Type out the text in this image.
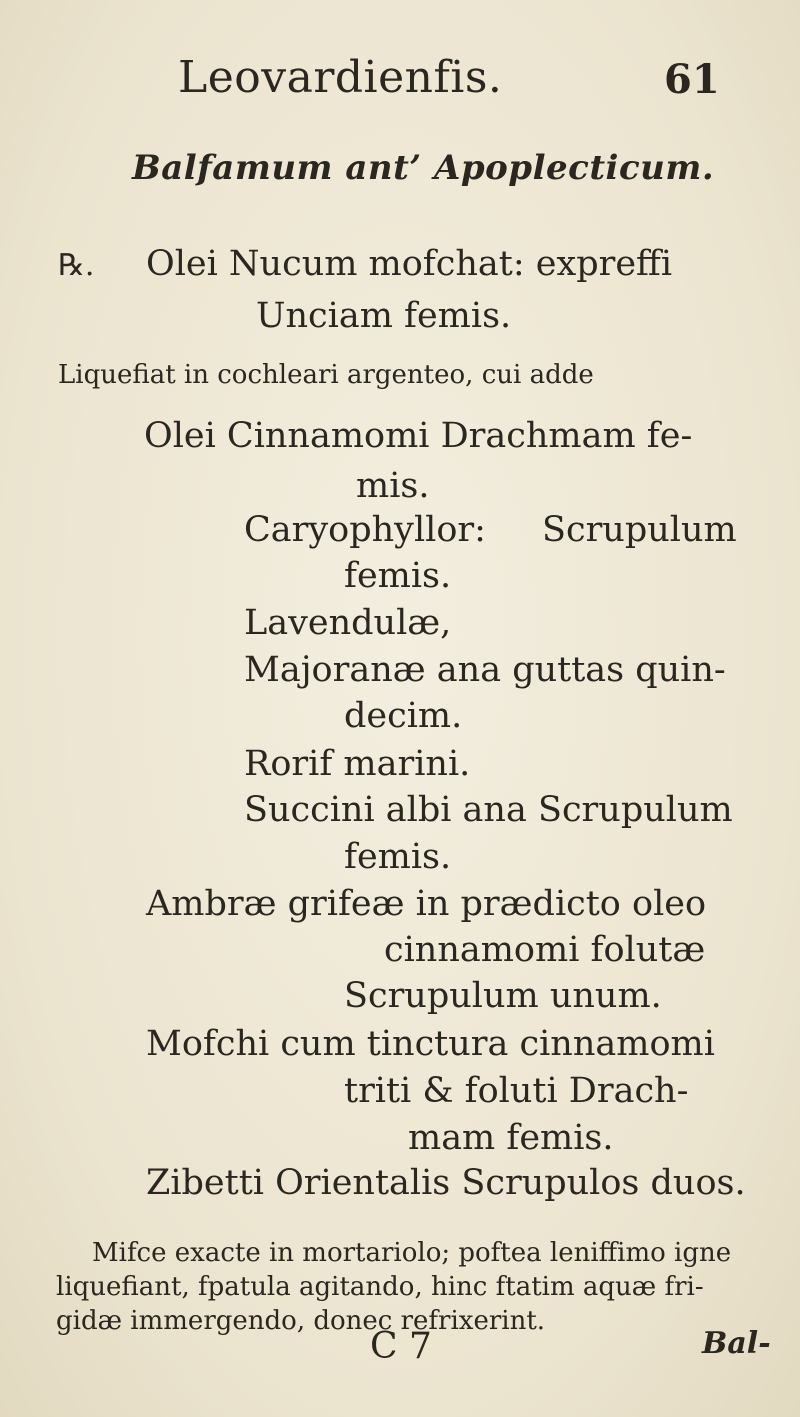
Leovardienfis.	61
Balfamum ant’ Apoplecticum.
℞. Olei Nucum mofchat: expreffi
Unciam femis.
Liquefiat in cochleari argenteo, cui adde
Olei Cinnamomi Drachmam fe-
mis.
Caryophyllor: Scrupulum
femis.
Lavendulæ,
Majoranæ ana guttas quin-
decim.
Rorif marini.
Succini albi ana Scrupulum
femis.
Ambræ grifeæ in prædicto oleo
cinnamomi folutæ
Scrupulum unum.
Mofchi cum tinctura cinnamomi
triti & foluti Drach-
mam femis.
Zibetti Orientalis Scrupulos duos.
Mifce exacte in mortariolo; poftea leniffimo igne
liquefiant, fpatula agitando, hinc ftatim aquæ fri-
gidæ immergendo, donec refrixerint.
C 7	Bal-
